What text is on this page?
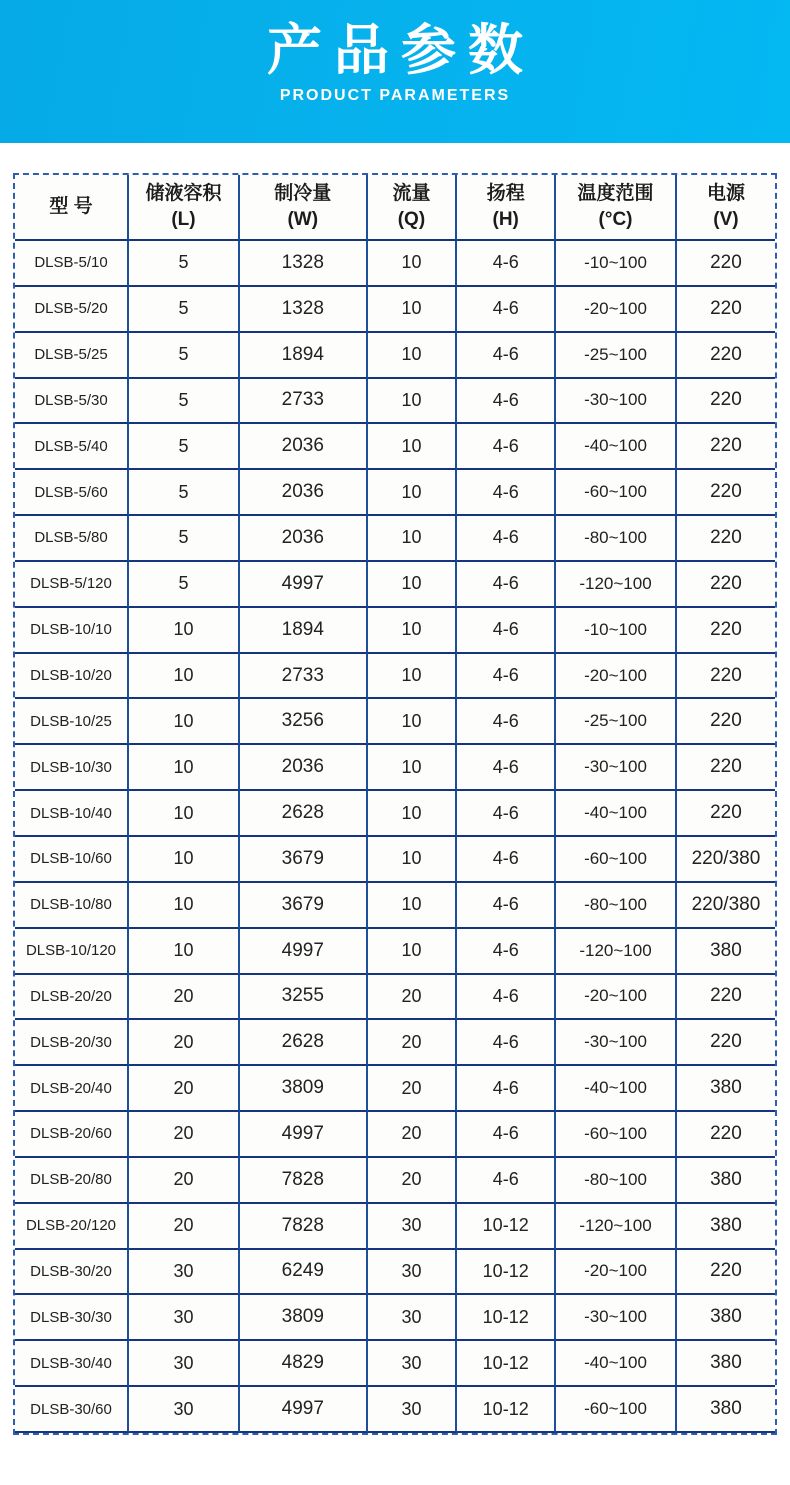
产品参数
PRODUCT PARAMETERS
型 号

储液容积
(L)

制冷量
(W)

流量
(Q)

扬程
(H)

温度范围
(°C)

电源
(V)

DLSB-5/10	5	1328	10	4-6	-10~100	220
DLSB-5/20	5	1328	10	4-6	-20~100	220
DLSB-5/25	5	1894	10	4-6	-25~100	220
DLSB-5/30	5	2733	10	4-6	-30~100	220
DLSB-5/40	5	2036	10	4-6	-40~100	220
DLSB-5/60	5	2036	10	4-6	-60~100	220
DLSB-5/80	5	2036	10	4-6	-80~100	220
DLSB-5/120	5	4997	10	4-6	-120~100	220
DLSB-10/10	10	1894	10	4-6	-10~100	220
DLSB-10/20	10	2733	10	4-6	-20~100	220
DLSB-10/25	10	3256	10	4-6	-25~100	220
DLSB-10/30	10	2036	10	4-6	-30~100	220
DLSB-10/40	10	2628	10	4-6	-40~100	220
DLSB-10/60	10	3679	10	4-6	-60~100	220/380
DLSB-10/80	10	3679	10	4-6	-80~100	220/380
DLSB-10/120	10	4997	10	4-6	-120~100	380
DLSB-20/20	20	3255	20	4-6	-20~100	220
DLSB-20/30	20	2628	20	4-6	-30~100	220
DLSB-20/40	20	3809	20	4-6	-40~100	380
DLSB-20/60	20	4997	20	4-6	-60~100	220
DLSB-20/80	20	7828	20	4-6	-80~100	380
DLSB-20/120	20	7828	30	10-12	-120~100	380
DLSB-30/20	30	6249	30	10-12	-20~100	220
DLSB-30/30	30	3809	30	10-12	-30~100	380
DLSB-30/40	30	4829	30	10-12	-40~100	380
DLSB-30/60	30	4997	30	10-12	-60~100	380
